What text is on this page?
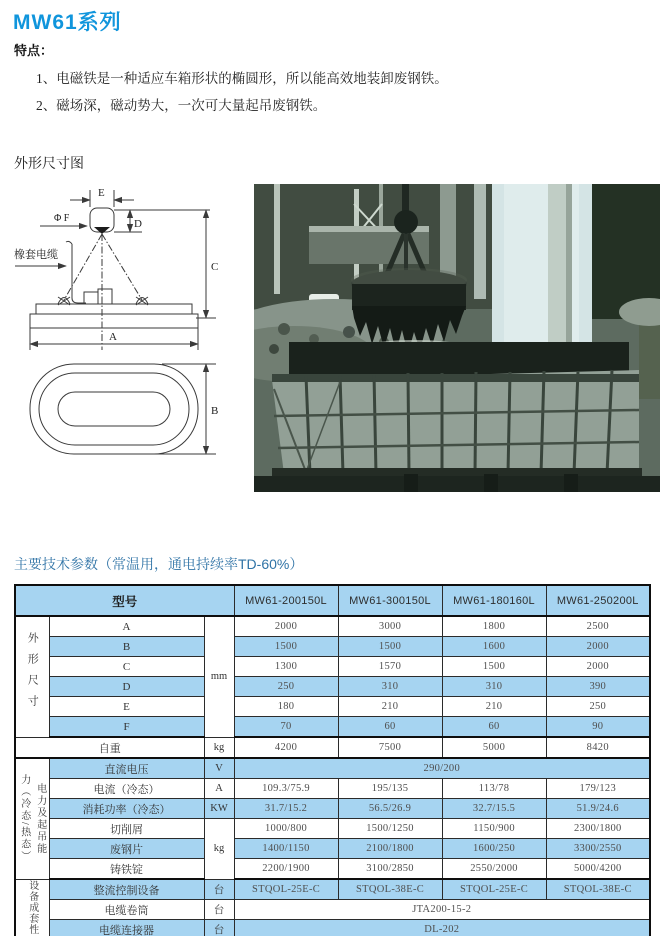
MW61系列
特点：
1、电磁铁是一种适应车箱形状的椭圆形，所以能高效地装卸废钢铁。
2、磁场深，磁动势大，一次可大量起吊废钢铁。
外形尺寸图
E
Φ F	D
C
橡套电缆
A
B
主要技术参数（常温用，通电持续率TD-60%）
型号			MW61-200150L	MW61-300150L	MW61-180160L	MW61-250200L
外形尺寸	A	mm	2000	3000	1800	2500
	B		1500	1500	1600	2000
	C		1300	1570	1500	2000
	D		250	310	310	390
	E		180	210	210	250
	F		70	60	60	90
自重		kg	4200	7500	5000	8420

电力及起吊能
力（冷态/热态）	直流电压	V	290/200			
	电流（冷态）	A	109.3/75.9	195/135	113/78	179/123
	消耗功率（冷态）	KW	31.7/15.2	56.5/26.9	32.7/15.5	51.9/24.6
	切削屑	kg	1000/800	1500/1250	1150/900	2300/1800
	废钢片		1400/1150	2100/1800	1600/250	3300/2550
	铸铁锭		2200/1900	3100/2850	2550/2000	5000/4200
设备成套性	整流控制设备	台	STQOL-25E-C	STQOL-38E-C	STQOL-25E-C	STQOL-38E-C
	电缆卷筒	台	JTA200-15-2			
	电缆连接器	台	DL-202			
